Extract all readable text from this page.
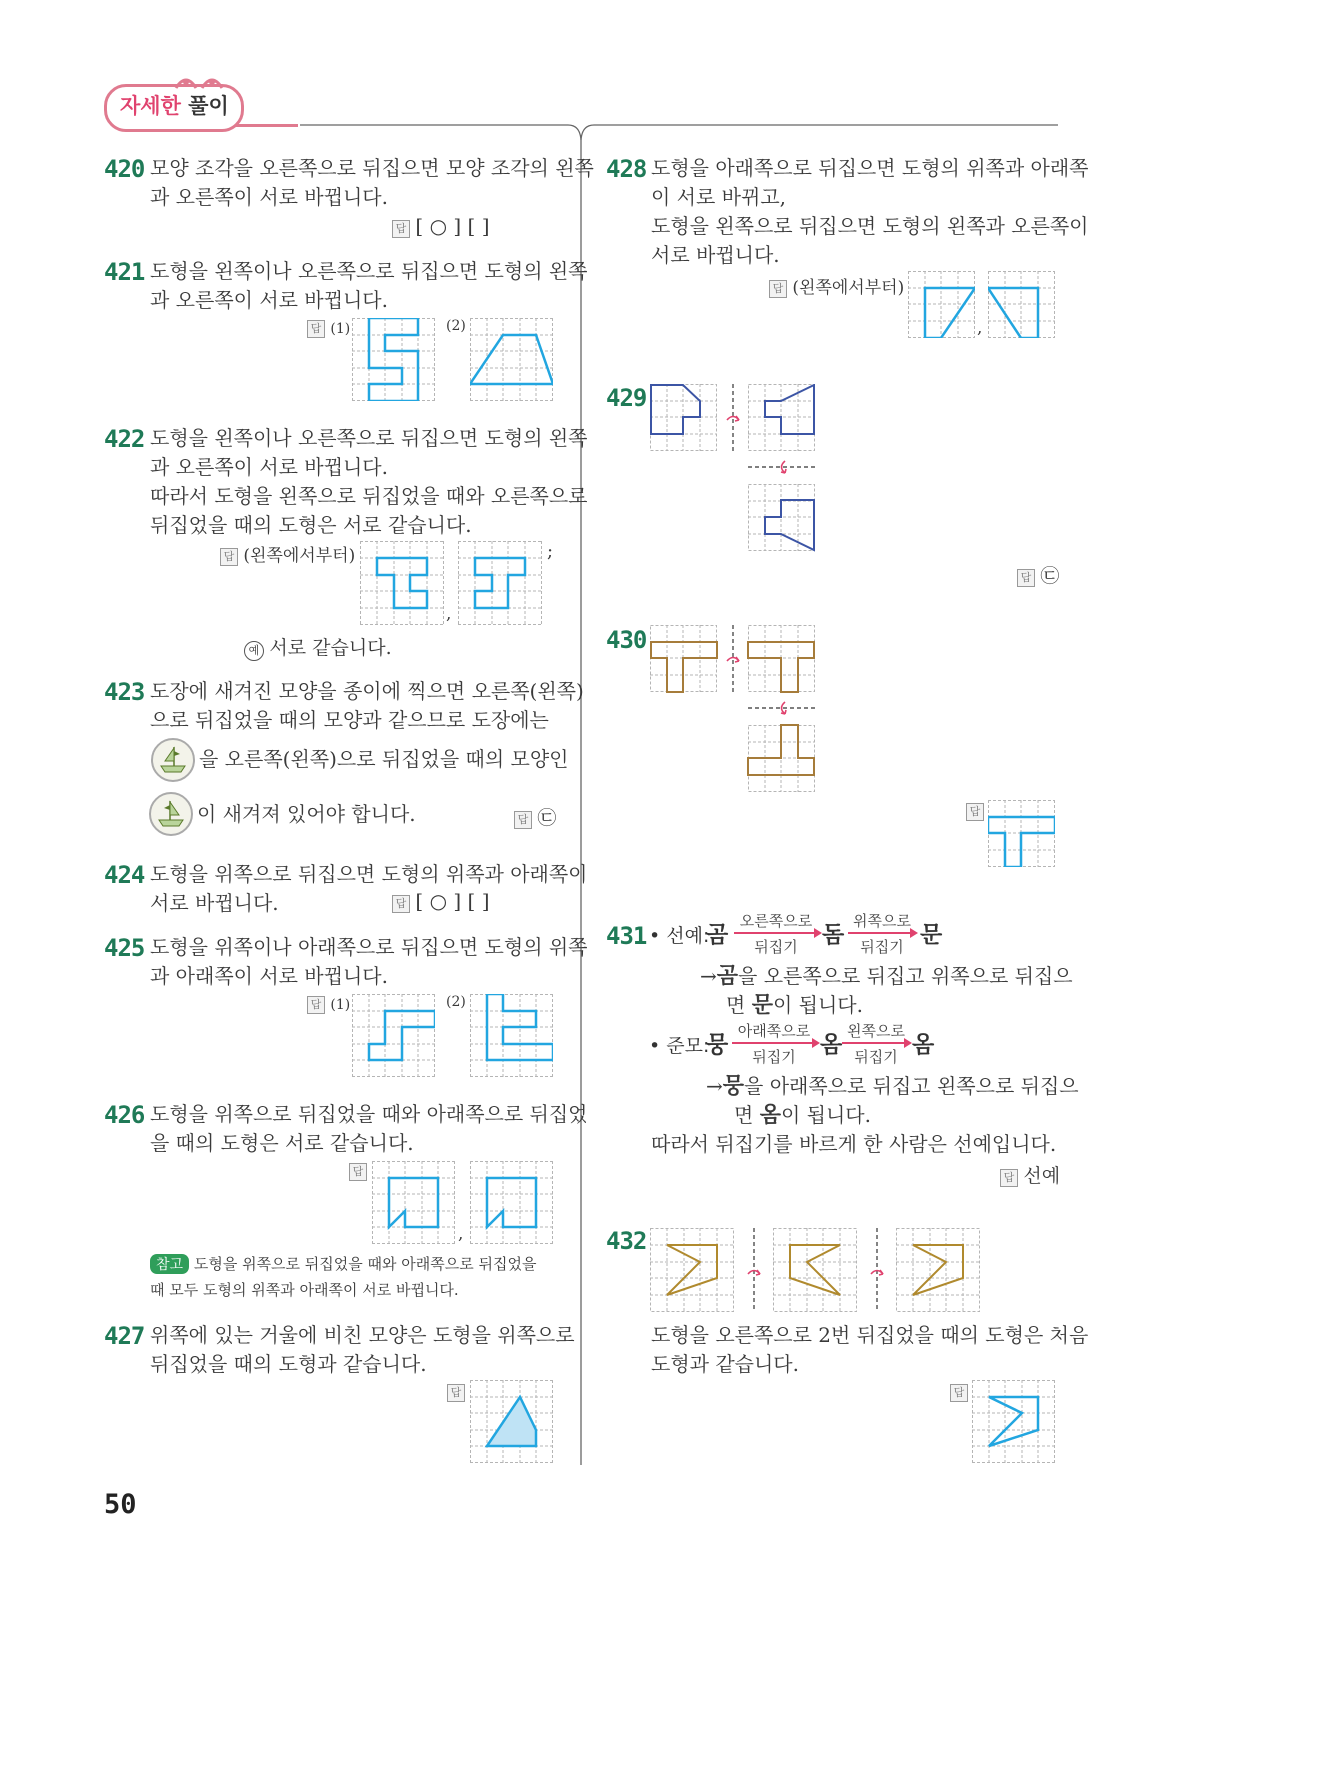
자세한 풀이
420 모양 조각을 오른쪽으로 뒤집으면 모양 조각의 왼쪽
과 오른쪽이 서로 바뀝니다.
답 [ ○ ] [ ]
421 도형을 왼쪽이나 오른쪽으로 뒤집으면 도형의 왼쪽
과 오른쪽이 서로 바뀝니다.
답 (1)	(2)
422 도형을 왼쪽이나 오른쪽으로 뒤집으면 도형의 왼쪽
과 오른쪽이 서로 바뀝니다.
따라서 도형을 왼쪽으로 뒤집었을 때와 오른쪽으로
뒤집었을 때의 도형은 서로 같습니다.
답 (왼쪽에서부터)
,
;
예 서로 같습니다.
423 도장에 새겨진 모양을 종이에 찍으면 오른쪽(왼쪽)
으로 뒤집었을 때의 모양과 같으므로 도장에는
을 오른쪽(왼쪽)으로 뒤집었을 때의 모양인
이 새겨져 있어야 합니다.	답 ㉢
424 도형을 위쪽으로 뒤집으면 도형의 위쪽과 아래쪽이
서로 바뀝니다.	답 [ ○ ] [ ]
425 도형을 위쪽이나 아래쪽으로 뒤집으면 도형의 위쪽
과 아래쪽이 서로 바뀝니다.
답 (1)	(2)
426 도형을 위쪽으로 뒤집었을 때와 아래쪽으로 뒤집었
을 때의 도형은 서로 같습니다.
답
,
참고 도형을 위쪽으로 뒤집었을 때와 아래쪽으로 뒤집었을
때 모두 도형의 위쪽과 아래쪽이 서로 바뀝니다.
427 위쪽에 있는 거울에 비친 모양은 도형을 위쪽으로
뒤집었을 때의 도형과 같습니다.
답
50
428 도형을 아래쪽으로 뒤집으면 도형의 위쪽과 아래쪽
이 서로 바뀌고,
도형을 왼쪽으로 뒤집으면 도형의 왼쪽과 오른쪽이
서로 바뀝니다.
답 (왼쪽에서부터)
,
429
답 ㉢
430
답
431 • 선예:
곰
오른쪽으로
뒤집기	돔
위쪽으로
뒤집기 문
→곰을 오른쪽으로 뒤집고 위쪽으로 뒤집으
면 문이 됩니다.
• 준모:
뭉
아래쪽으로
뒤집기	옴
왼쪽으로
뒤집기 옴
→뭉을 아래쪽으로 뒤집고 왼쪽으로 뒤집으
면 옴이 됩니다.
따라서 뒤집기를 바르게 한 사람은 선예입니다.
답 선예
432
도형을 오른쪽으로 2번 뒤집었을 때의 도형은 처음
도형과 같습니다.
답
